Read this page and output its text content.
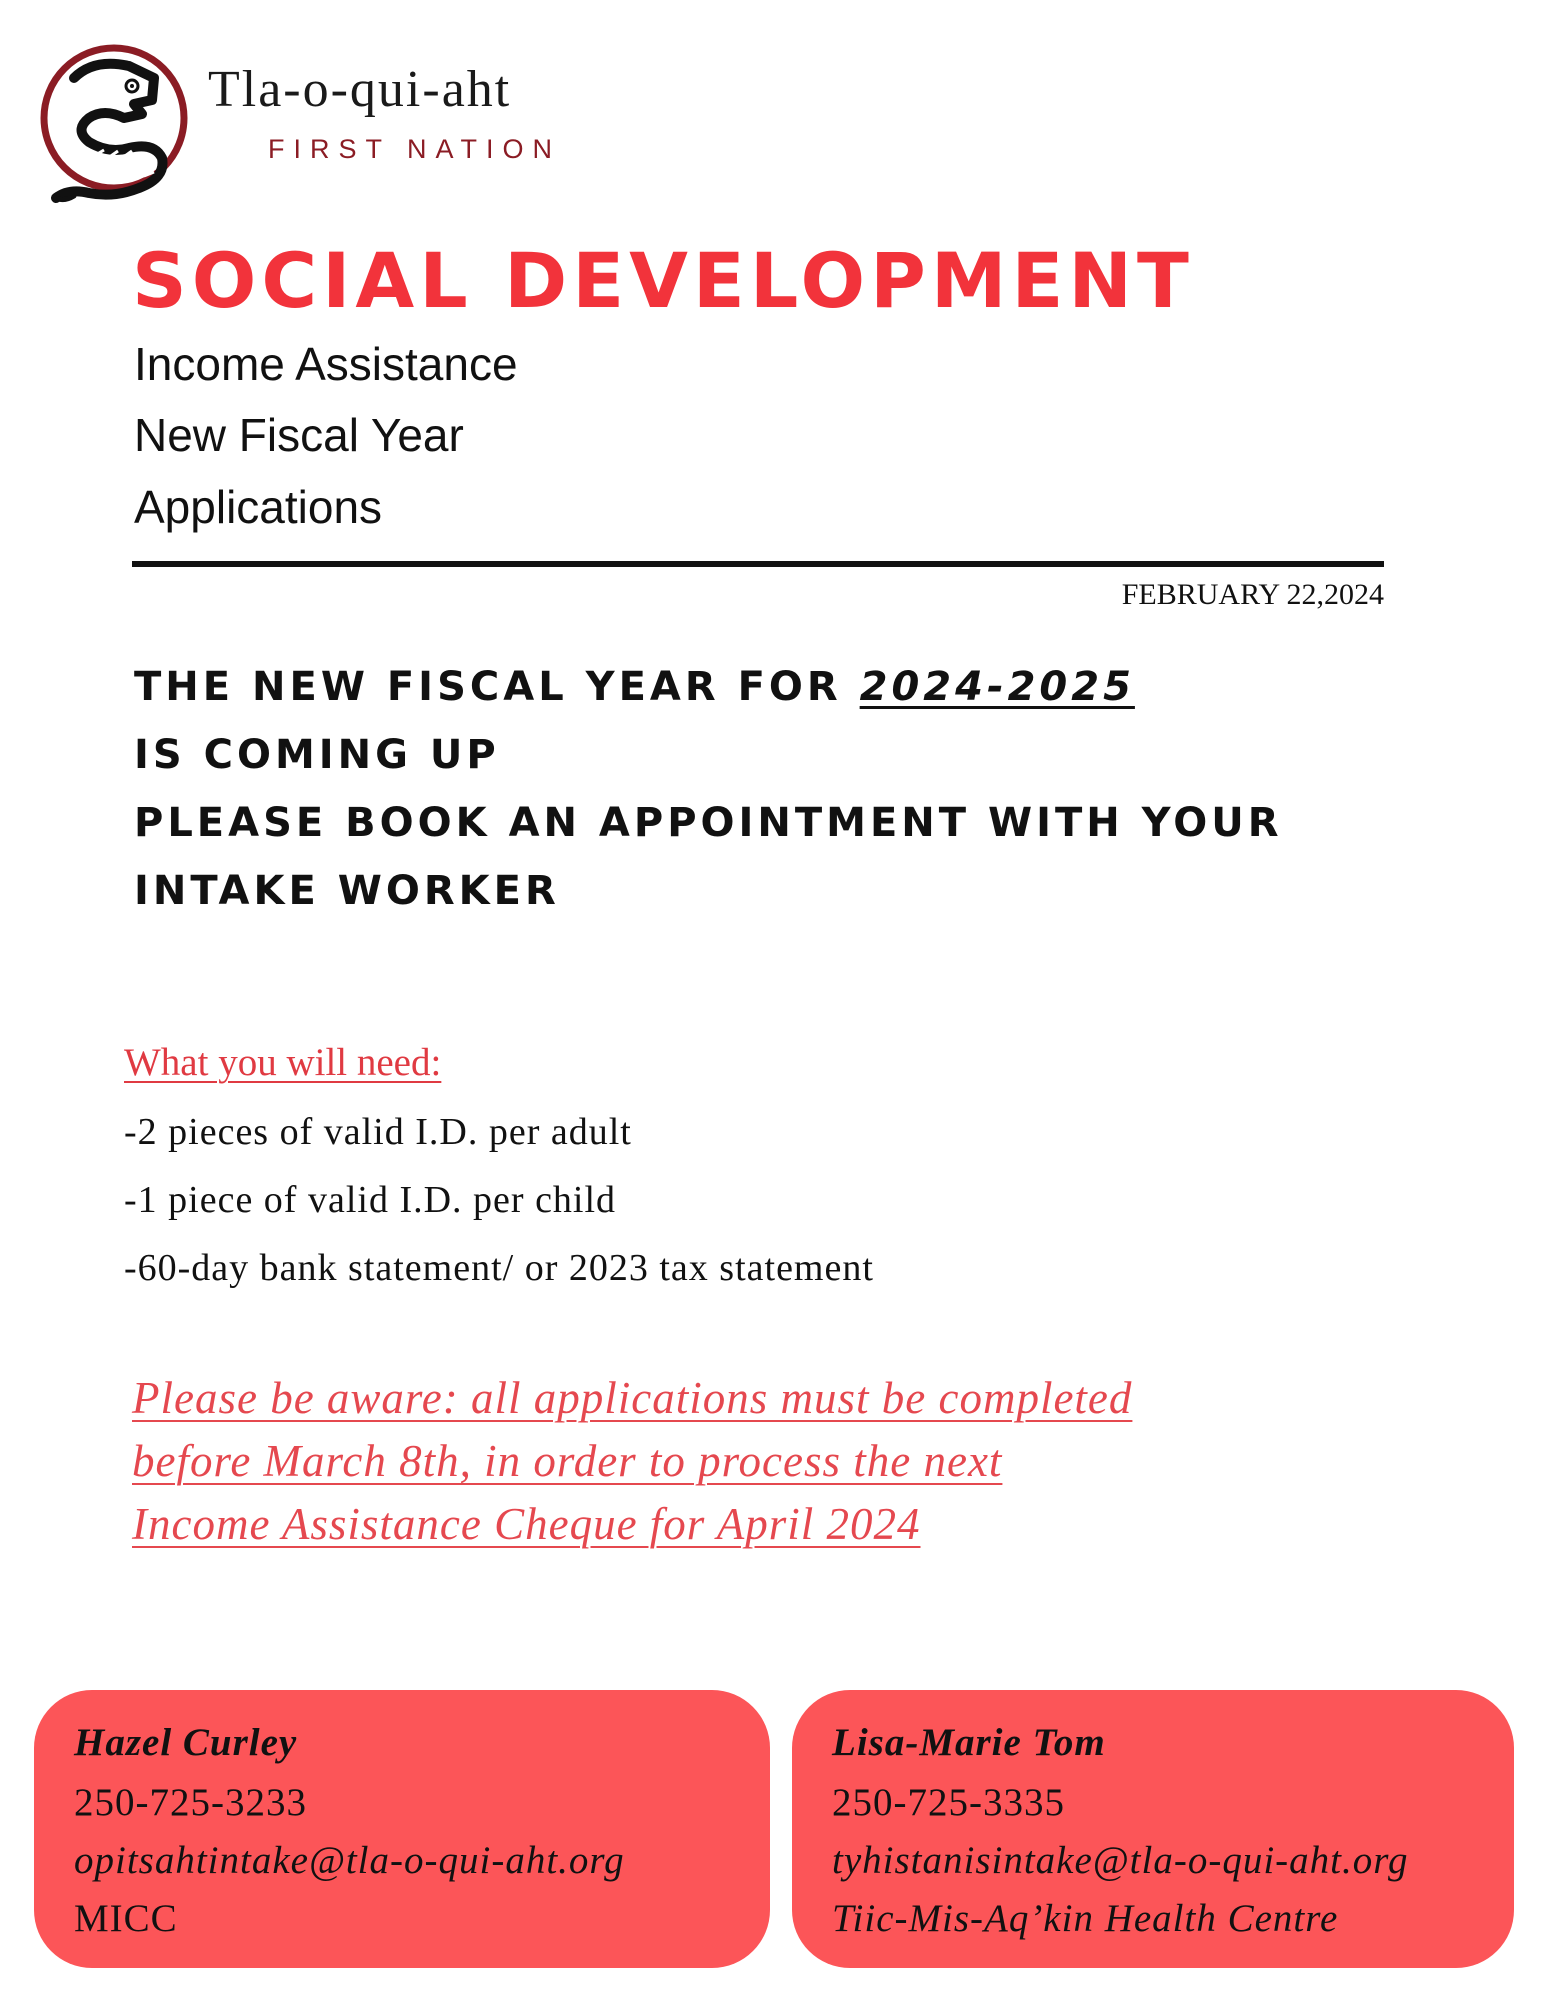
Tla-o-qui-aht
FIRST NATION
SOCIAL DEVELOPMENT
Income Assistance
New Fiscal Year
Applications
FEBRUARY 22,2024
THE NEW FISCAL YEAR FOR 2024-2025
IS COMING UP
PLEASE BOOK AN APPOINTMENT WITH YOUR
INTAKE WORKER
What you will need:
-2 pieces of valid I.D. per adult
-1 piece of valid I.D. per child
-60-day bank statement/ or 2023 tax statement
Please be aware: all applications must be completed
before March 8th, in order to process the next
Income Assistance Cheque for April 2024
Hazel Curley
250-725-3233
opitsahtintake@tla-o-qui-aht.org
MICC
Lisa-Marie Tom
250-725-3335
tyhistanisintake@tla-o-qui-aht.org
Tiic-Mis-Aq’kin Health Centre
